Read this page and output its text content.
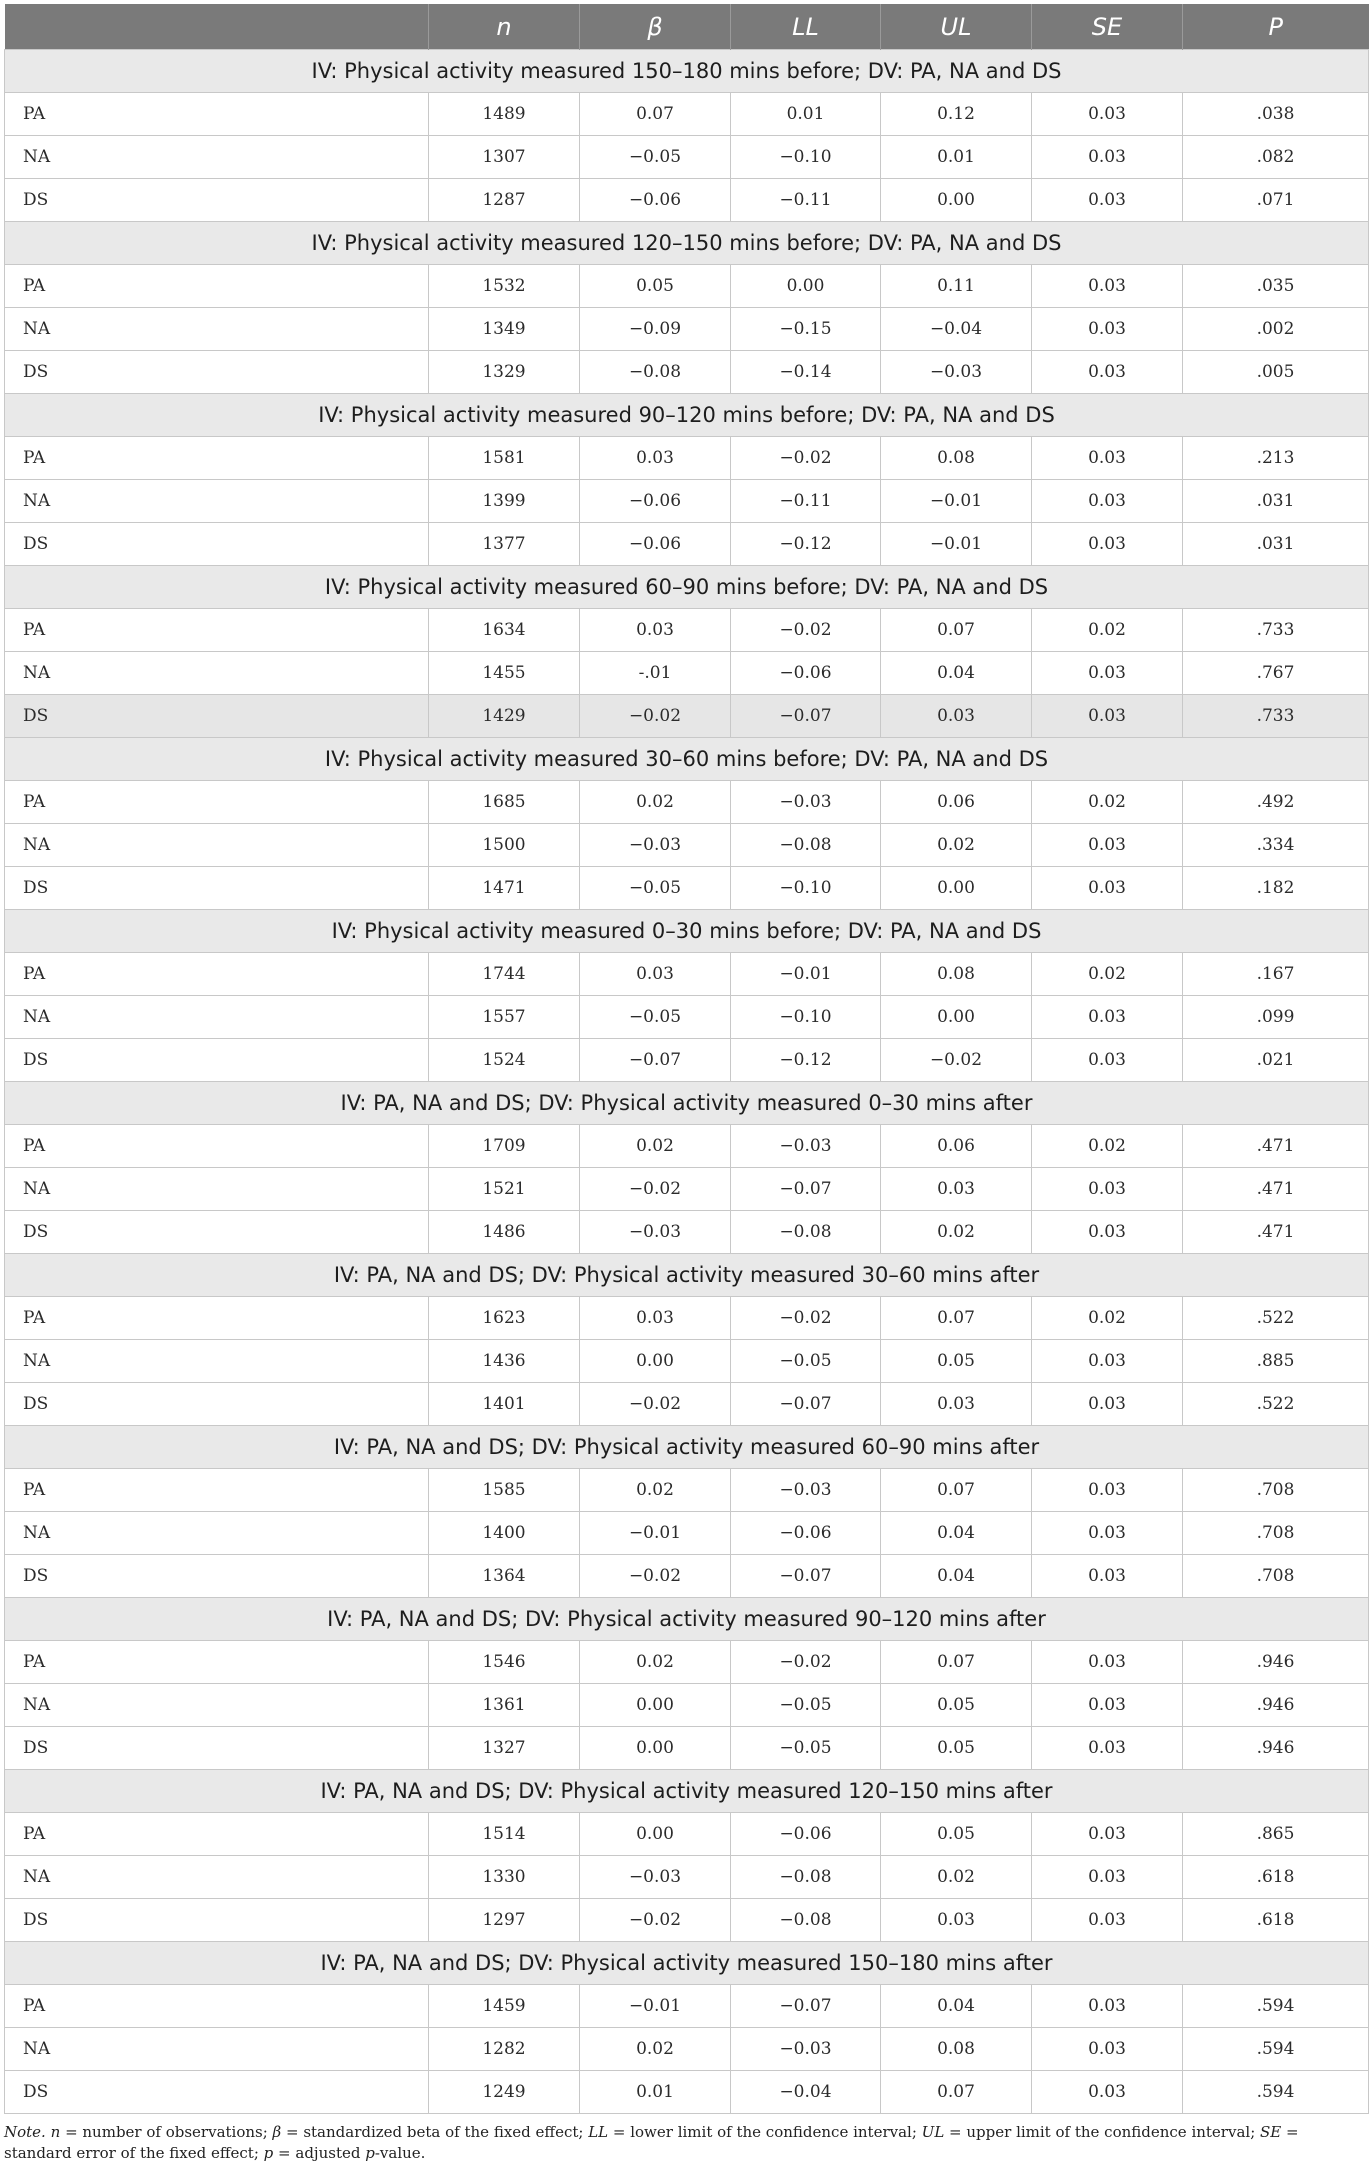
	n	β	LL	UL	SE	P
IV: Physical activity measured 150–180 mins before; DV: PA, NA and DS						
PA	1489	0.07	0.01	0.12	0.03	.038
NA	1307	−0.05	−0.10	0.01	0.03	.082
DS	1287	−0.06	−0.11	0.00	0.03	.071
IV: Physical activity measured 120–150 mins before; DV: PA, NA and DS						
PA	1532	0.05	0.00	0.11	0.03	.035
NA	1349	−0.09	−0.15	−0.04	0.03	.002
DS	1329	−0.08	−0.14	−0.03	0.03	.005
IV: Physical activity measured 90–120 mins before; DV: PA, NA and DS						
PA	1581	0.03	−0.02	0.08	0.03	.213
NA	1399	−0.06	−0.11	−0.01	0.03	.031
DS	1377	−0.06	−0.12	−0.01	0.03	.031
IV: Physical activity measured 60–90 mins before; DV: PA, NA and DS						
PA	1634	0.03	−0.02	0.07	0.02	.733
NA	1455	-.01	−0.06	0.04	0.03	.767
DS	1429	−0.02	−0.07	0.03	0.03	.733
IV: Physical activity measured 30–60 mins before; DV: PA, NA and DS						
PA	1685	0.02	−0.03	0.06	0.02	.492
NA	1500	−0.03	−0.08	0.02	0.03	.334
DS	1471	−0.05	−0.10	0.00	0.03	.182
IV: Physical activity measured 0–30 mins before; DV: PA, NA and DS						
PA	1744	0.03	−0.01	0.08	0.02	.167
NA	1557	−0.05	−0.10	0.00	0.03	.099
DS	1524	−0.07	−0.12	−0.02	0.03	.021
IV: PA, NA and DS; DV: Physical activity measured 0–30 mins after						
PA	1709	0.02	−0.03	0.06	0.02	.471
NA	1521	−0.02	−0.07	0.03	0.03	.471
DS	1486	−0.03	−0.08	0.02	0.03	.471
IV: PA, NA and DS; DV: Physical activity measured 30–60 mins after						
PA	1623	0.03	−0.02	0.07	0.02	.522
NA	1436	0.00	−0.05	0.05	0.03	.885
DS	1401	−0.02	−0.07	0.03	0.03	.522
IV: PA, NA and DS; DV: Physical activity measured 60–90 mins after						
PA	1585	0.02	−0.03	0.07	0.03	.708
NA	1400	−0.01	−0.06	0.04	0.03	.708
DS	1364	−0.02	−0.07	0.04	0.03	.708
IV: PA, NA and DS; DV: Physical activity measured 90–120 mins after						
PA	1546	0.02	−0.02	0.07	0.03	.946
NA	1361	0.00	−0.05	0.05	0.03	.946
DS	1327	0.00	−0.05	0.05	0.03	.946
IV: PA, NA and DS; DV: Physical activity measured 120–150 mins after						
PA	1514	0.00	−0.06	0.05	0.03	.865
NA	1330	−0.03	−0.08	0.02	0.03	.618
DS	1297	−0.02	−0.08	0.03	0.03	.618
IV: PA, NA and DS; DV: Physical activity measured 150–180 mins after						
PA	1459	−0.01	−0.07	0.04	0.03	.594
NA	1282	0.02	−0.03	0.08	0.03	.594
DS	1249	0.01	−0.04	0.07	0.03	.594
Note. n = number of observations; β = standardized beta of the fixed effect; LL = lower limit of the confidence interval; UL = upper limit of the confidence interval; SE = standard error of the fixed effect; p = adjusted p-value.
